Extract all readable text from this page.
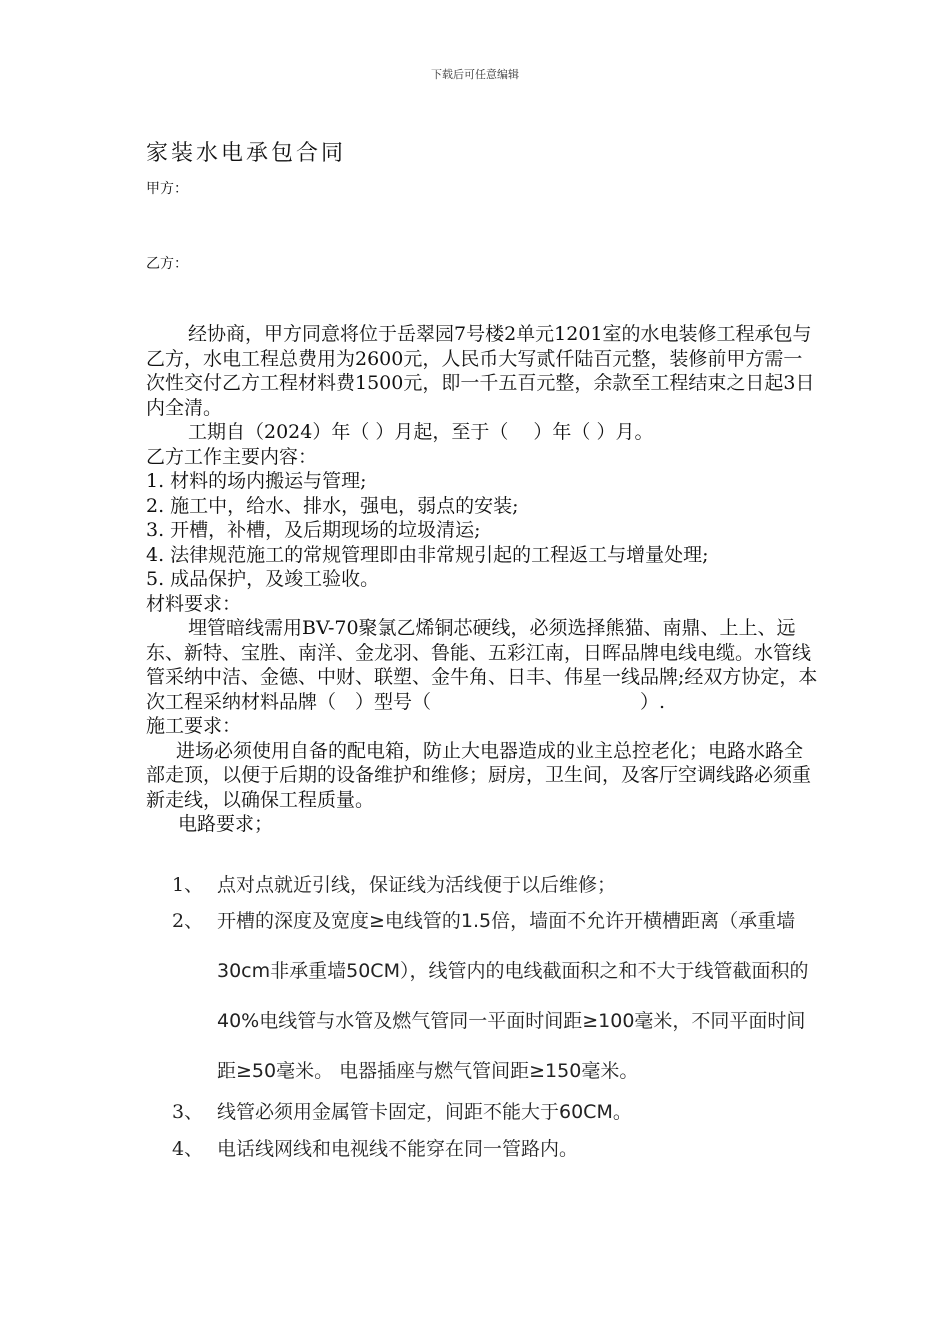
下载后可任意编辑
家装水电承包合同
甲方：
乙方：

经协商，甲方同意将位于岳翠园7号楼2单元1201室的水电装修工程承包与乙方，水电工程总费用为2600元，人民币大写贰仟陆百元整，装修前甲方需一次性交付乙方工程材料费1500元，即一千五百元整，余款至工程结束之日起3日内全清。

工期自（2024）年（ ）月起，至于（　 ）年（ ）月。

乙方工作主要内容：

1. 材料的场内搬运与管理;

2. 施工中，给水、排水，强电，弱点的安装;

3. 开槽，补槽，及后期现场的垃圾清运;

4. 法律规范施工的常规管理即由非常规引起的工程返工与增量处理;

5. 成品保护，及竣工验收。

材料要求：

埋管暗线需用BV-70聚氯乙烯铜芯硬线，必须选择熊猫、南鼎、上上、远东、新特、宝胜、南洋、金龙羽、鲁能、五彩江南，日晖品牌电线电缆。水管线管采纳中洁、金德、中财、联塑、金牛角、日丰、伟星一线品牌;经双方协定，本次工程采纳材料品牌（　）型号（　　　　　　　　　　　）.

施工要求：

进场必须使用自备的配电箱，防止大电器造成的业主总控老化；电路水路全部走顶，以便于后期的设备维护和维修；厨房，卫生间，及客厅空调线路必须重新走线，以确保工程质量。

电路要求；

1、 点对点就近引线，保证线为活线便于以后维修；
2、 开槽的深度及宽度≥电线管的1.5倍，墙面不允许开横槽距离（承重墙30cm非承重墙50CM），线管内的电线截面积之和不大于线管截面积的40%电线管与水管及燃气管同一平面时间距≥100毫米，不同平面时间距≥50毫米。 电器插座与燃气管间距≥150毫米。
3、 线管必须用金属管卡固定，间距不能大于60CM。
4、 电话线网线和电视线不能穿在同一管路内。
